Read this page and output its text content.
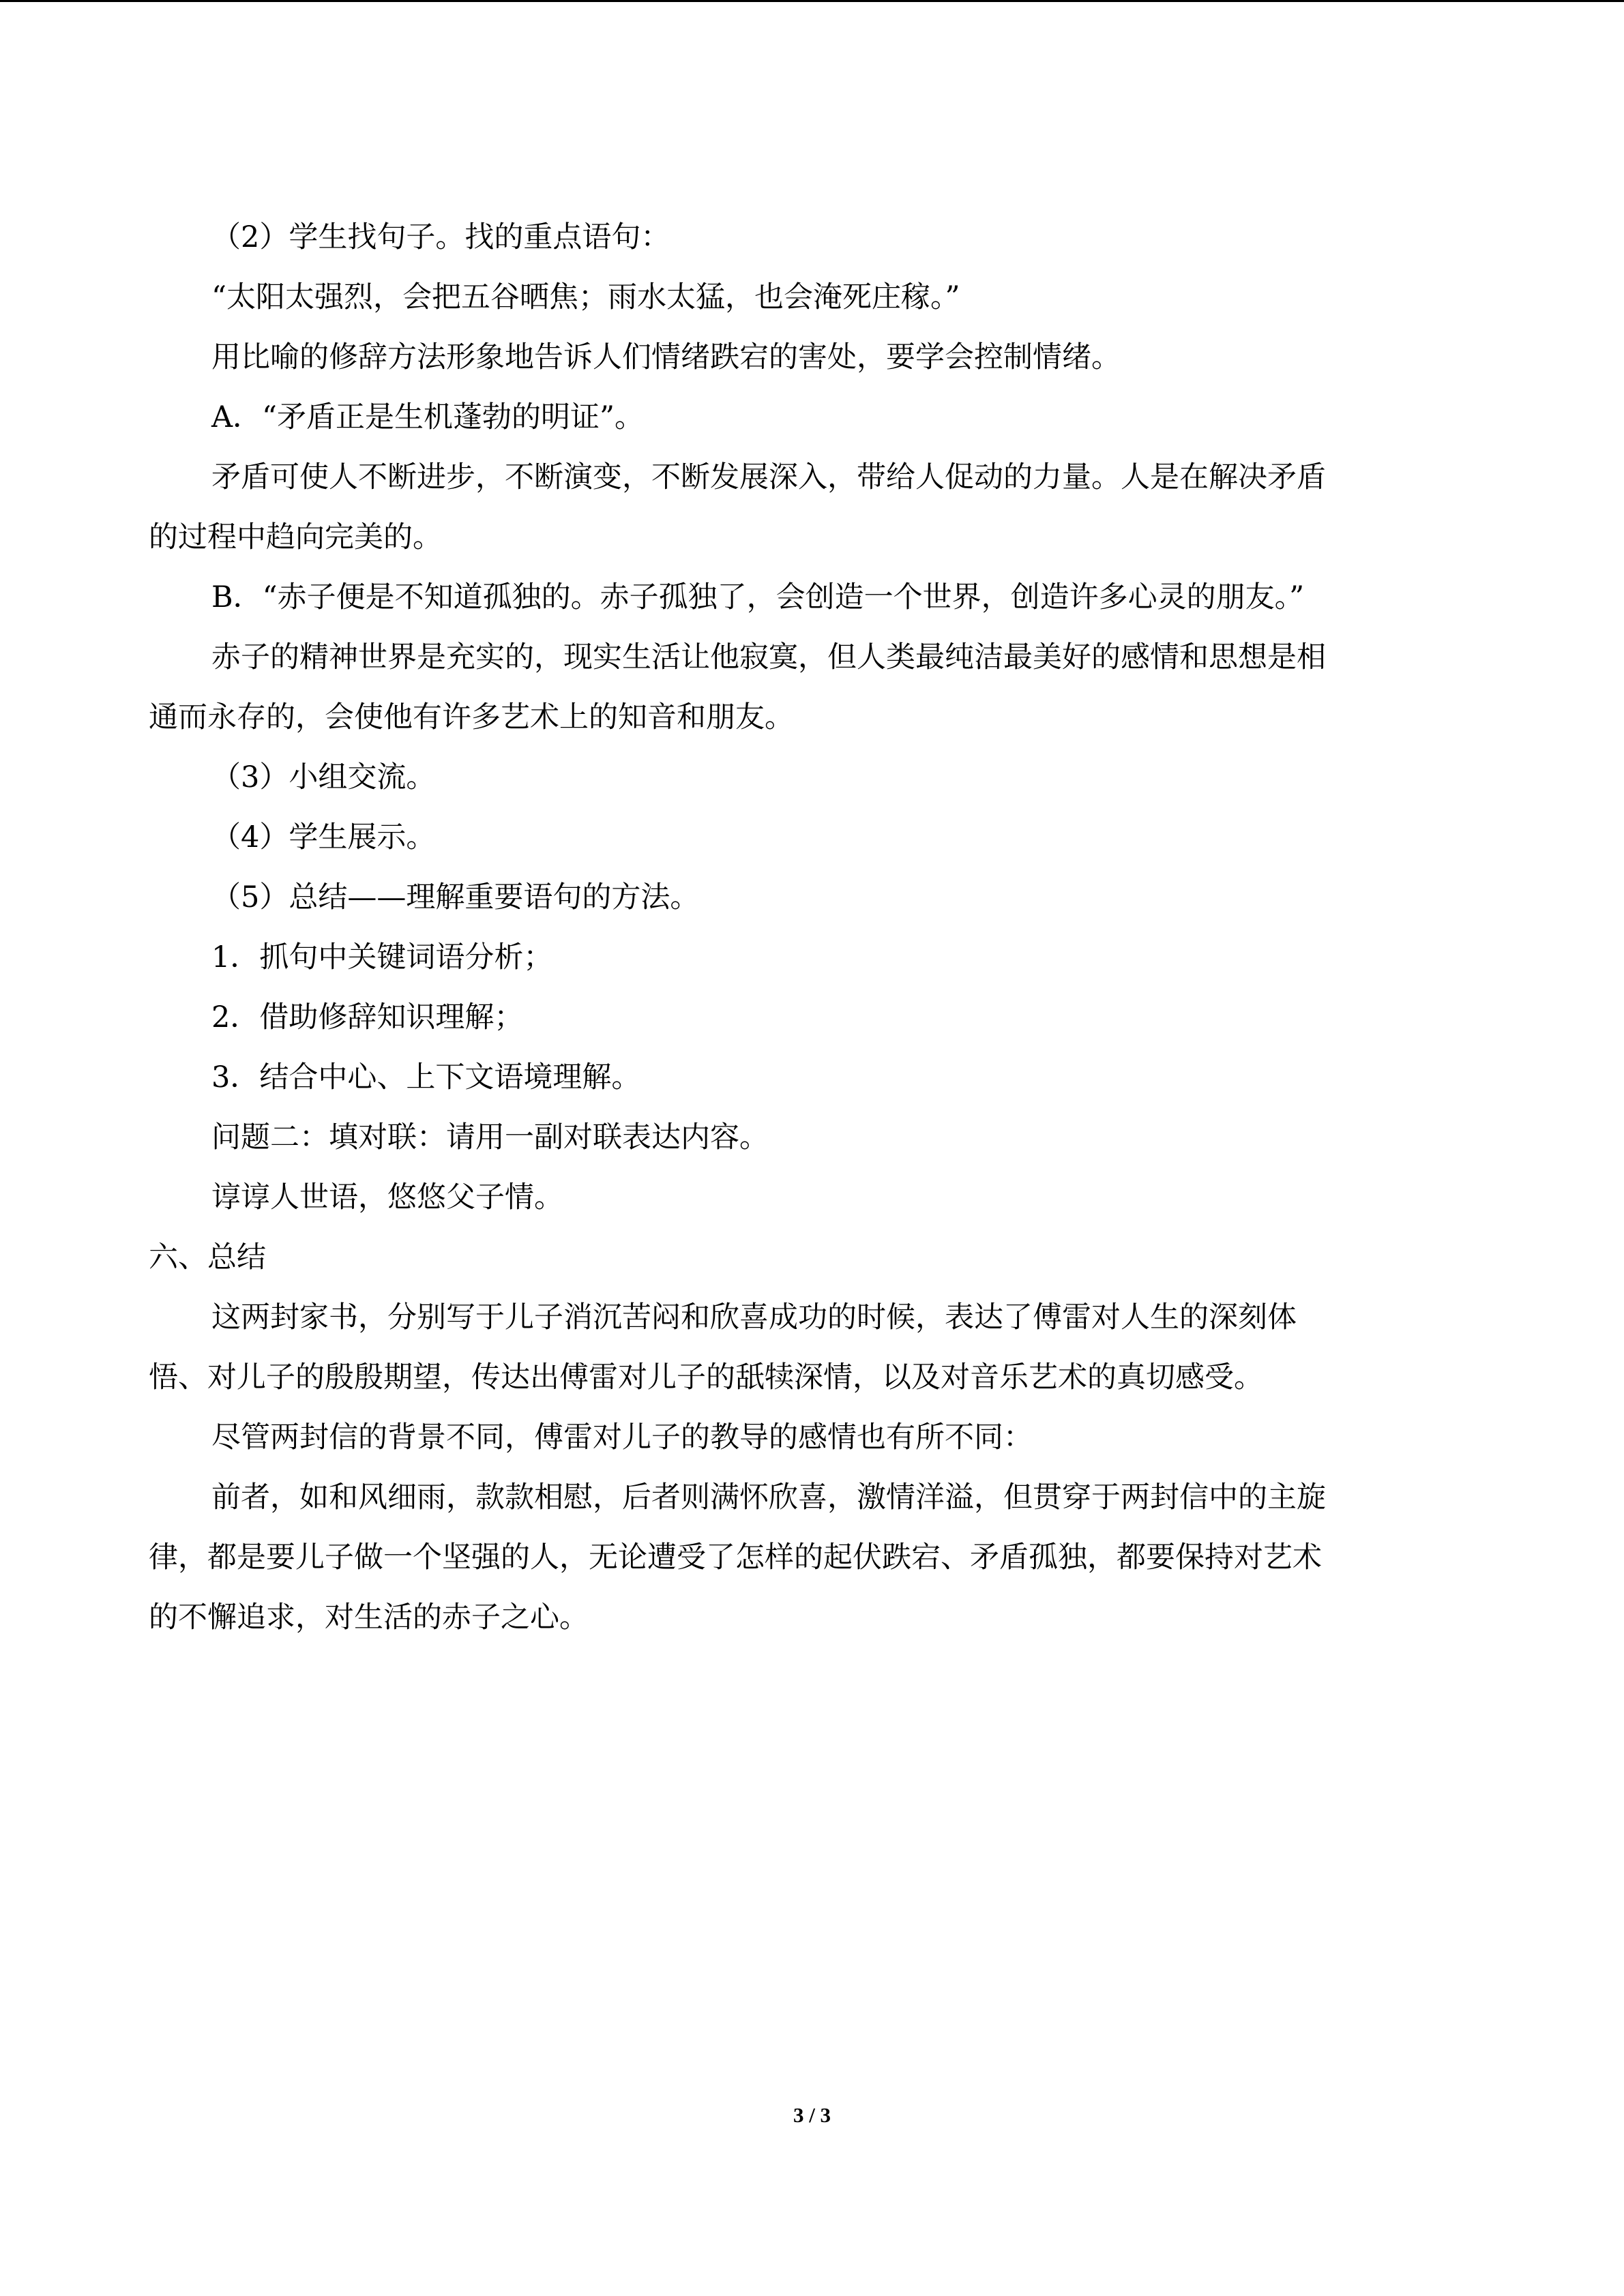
（2）学生找句子。找的重点语句：
“太阳太强烈，会把五谷晒焦；雨水太猛，也会淹死庄稼。”
用比喻的修辞方法形象地告诉人们情绪跌宕的害处，要学会控制情绪。
A．“矛盾正是生机蓬勃的明证”。
矛盾可使人不断进步，不断演变，不断发展深入，带给人促动的力量。人是在解决矛盾
的过程中趋向完美的。
B．“赤子便是不知道孤独的。赤子孤独了，会创造一个世界，创造许多心灵的朋友。”
赤子的精神世界是充实的，现实生活让他寂寞，但人类最纯洁最美好的感情和思想是相
通而永存的，会使他有许多艺术上的知音和朋友。
（3）小组交流。
（4）学生展示。
（5）总结——理解重要语句的方法。
1．抓句中关键词语分析；
2．借助修辞知识理解；
3．结合中心、上下文语境理解。
问题二：填对联：请用一副对联表达内容。
谆谆人世语，悠悠父子情。
六、总结
这两封家书，分别写于儿子消沉苦闷和欣喜成功的时候，表达了傅雷对人生的深刻体
悟、对儿子的殷殷期望，传达出傅雷对儿子的舐犊深情，以及对音乐艺术的真切感受。
尽管两封信的背景不同，傅雷对儿子的教导的感情也有所不同：
前者，如和风细雨，款款相慰，后者则满怀欣喜，激情洋溢，但贯穿于两封信中的主旋
律，都是要儿子做一个坚强的人，无论遭受了怎样的起伏跌宕、矛盾孤独，都要保持对艺术
的不懈追求，对生活的赤子之心。
3 / 3
